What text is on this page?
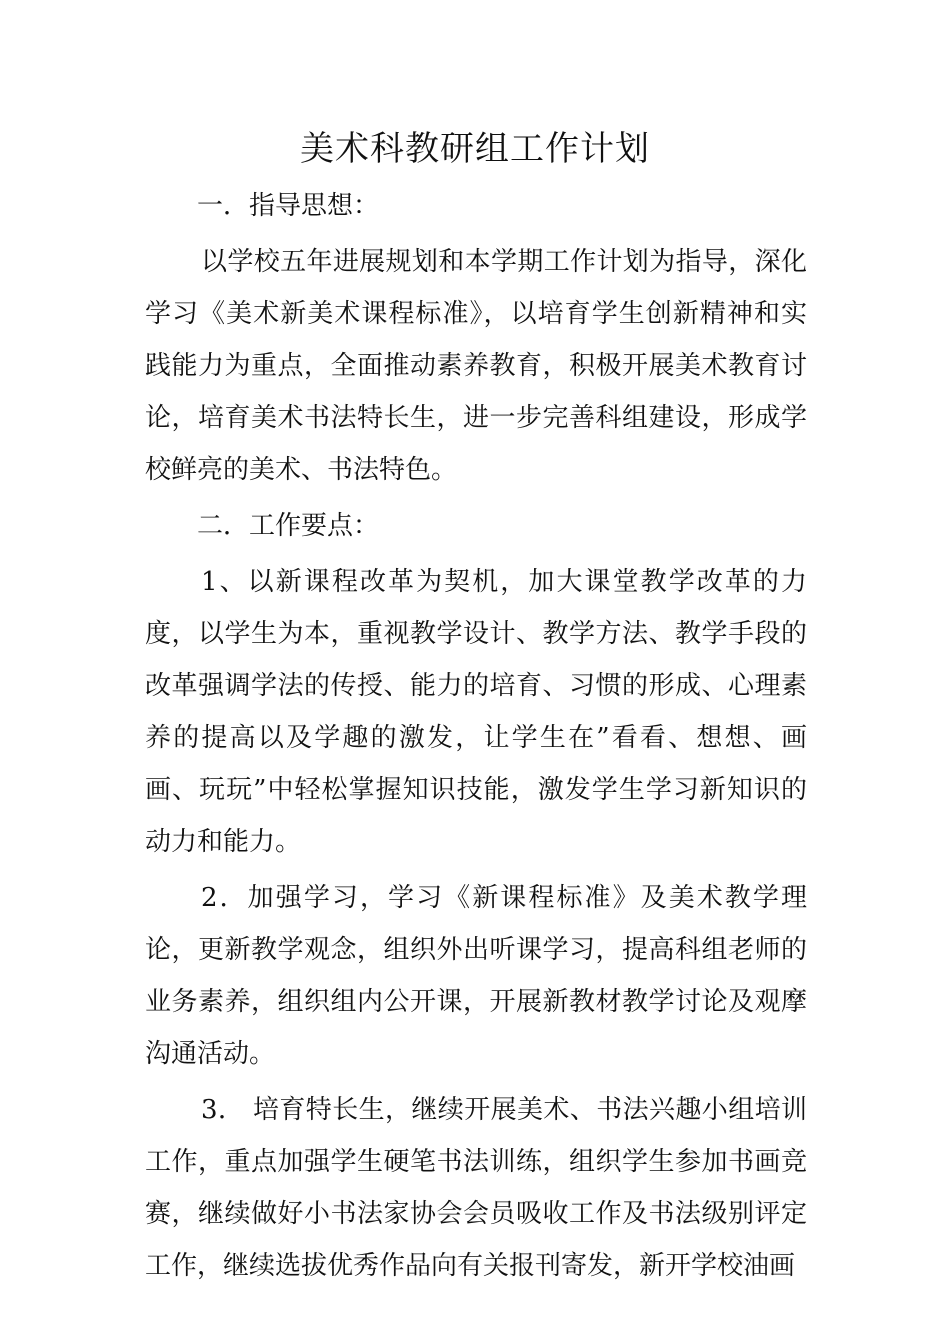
美术科教研组工作计划

一．指导思想：

以学校五年进展规划和本学期工作计划为指导，深化学习《美术新美术课程标准》，以培育学生创新精神和实践能力为重点，全面推动素养教育，积极开展美术教育讨论，培育美术书法特长生，进一步完善科组建设，形成学校鲜亮的美术、书法特色。

二．工作要点：

1、以新课程改革为契机，加大课堂教学改革的力度，以学生为本，重视教学设计、教学方法、教学手段的改革强调学法的传授、能力的培育、习惯的形成、心理素养的提高以及学趣的激发，让学生在”看看、想想、画画、玩玩”中轻松掌握知识技能，激发学生学习新知识的动力和能力。

2．加强学习，学习《新课程标准》及美术教学理论，更新教学观念，组织外出听课学习，提高科组老师的业务素养，组织组内公开课，开展新教材教学讨论及观摩沟通活动。

3． 培育特长生，继续开展美术、书法兴趣小组培训工作，重点加强学生硬笔书法训练，组织学生参加书画竞赛，继续做好小书法家协会会员吸收工作及书法级别评定工作，继续选拔优秀作品向有关报刊寄发，新开学校油画
